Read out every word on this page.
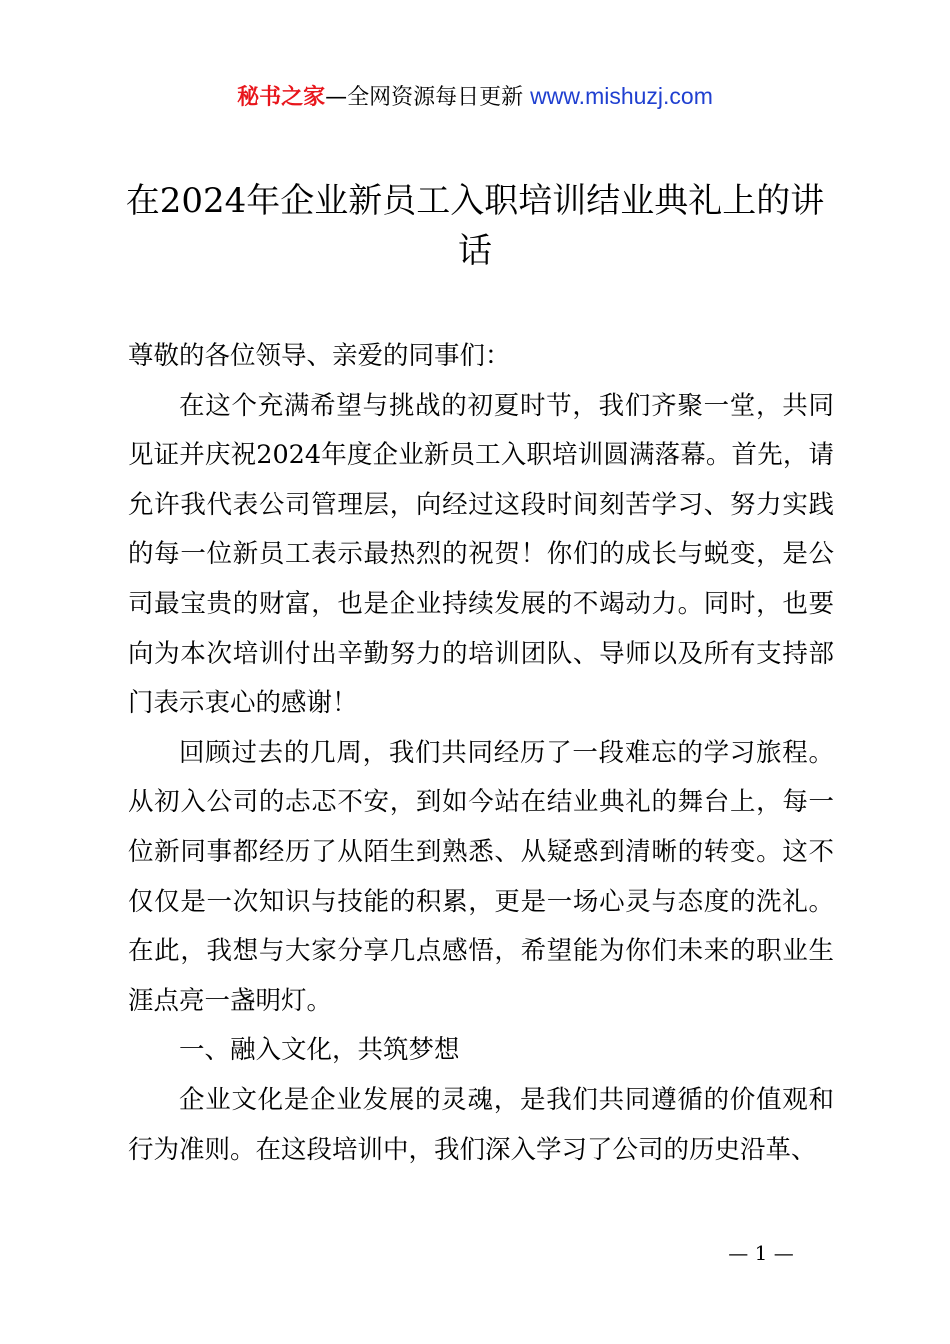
秘书之家—全网资源每日更新 www.mishuzj.com
在2024年企业新员工入职培训结业典礼上的讲话

尊敬的各位领导、亲爱的同事们：

在这个充满希望与挑战的初夏时节，我们齐聚一堂，共同见证并庆祝2024年度企业新员工入职培训圆满落幕。首先，请允许我代表公司管理层，向经过这段时间刻苦学习、努力实践的每一位新员工表示最热烈的祝贺！你们的成长与蜕变，是公司最宝贵的财富，也是企业持续发展的不竭动力。同时，也要向为本次培训付出辛勤努力的培训团队、导师以及所有支持部门表示衷心的感谢！

回顾过去的几周，我们共同经历了一段难忘的学习旅程。从初入公司的忐忑不安，到如今站在结业典礼的舞台上，每一位新同事都经历了从陌生到熟悉、从疑惑到清晰的转变。这不仅仅是一次知识与技能的积累，更是一场心灵与态度的洗礼。在此，我想与大家分享几点感悟，希望能为你们未来的职业生涯点亮一盏明灯。

一、融入文化，共筑梦想

企业文化是企业发展的灵魂，是我们共同遵循的价值观和行为准则。在这段培训中，我们深入学习了公司的历史沿革、

— 1 —
